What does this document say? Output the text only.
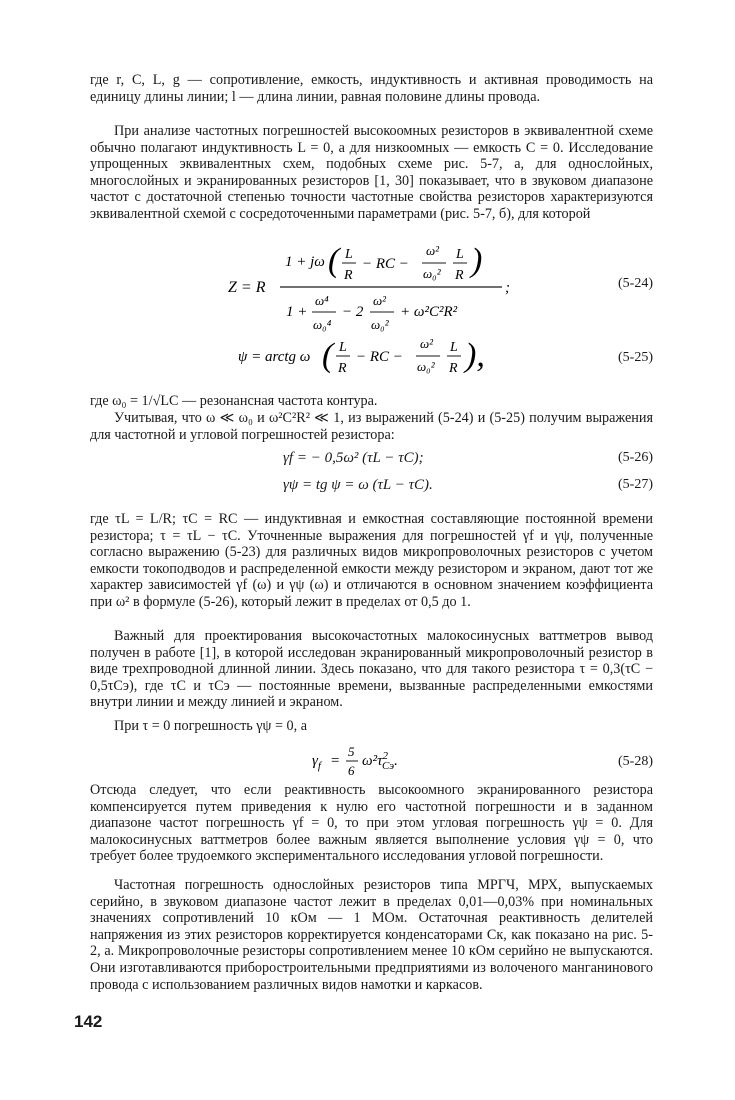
где r, C, L, g — сопротивление, емкость, индуктивность и активная проводимость на единицу длины линии; l — длина линии, равная половине длины провода.

При анализе частотных погрешностей высокоомных резисторов в эквивалентной схеме обычно полагают индуктивность L = 0, а для низкоомных — емкость C = 0. Исследование упрощенных эквивалентных схем, подобных схеме рис. 5-7, а, для однослойных, многослойных и экранированных резисторов [1, 30] показывает, что в звуковом диапазоне частот с достаточной степенью точности частотные свойства резисторов характеризуются эквивалентной схемой с сосредоточенными параметрами (рис. 5-7, б), для которой

Z = R
1 + jω ( L
R
− RC −
ω²
ω₀²
L
R )
;
1 +
ω⁴
ω₀⁴
− 2
ω²
ω₀²
+ ω²C²R²
(5-24)
ψ = arctg ω ( L
R
− RC −
ω²
ω₀²
L
R ),	(5-25)

где ω₀ = 1/√LC — резонансная частота контура.

Учитывая, что ω ≪ ω₀ и ω²C²R² ≪ 1, из выражений (5-24) и (5-25) получим выражения для частотной и угловой погрешностей резистора:

γf = − 0,5ω² (τL − τC);	(5-26)
γψ = tg ψ = ω (τL − τC).	(5-27)

где τL = L/R; τC = RC — индуктивная и емкостная составляющие постоянной времени резистора; τ = τL − τC. Уточненные выражения для погрешностей γf и γψ, полученные согласно выражению (5-23) для различных видов микропроволочных резисторов с учетом емкости токоподводов и распределенной емкости между резистором и экраном, дают тот же характер зависимостей γf (ω) и γψ (ω) и отличаются в основном значением коэффициента при ω² в формуле (5-26), который лежит в пределах от 0,5 до 1.

Важный для проектирования высокочастотных малокосинусных ваттметров вывод получен в работе [1], в которой исследован экранированный микропроволочный резистор в виде трехпроводной длинной линии. Здесь показано, что для такого резистора τ = 0,3(τC − 0,5τCэ), где τC и τCэ — постоянные времени, вызванные распределенными емкостями внутри линии и между линией и экраном.

При τ = 0 погрешность γψ = 0, а

$\gamma_f$ =
5
6
$\omega^2\tau^2$ Cэ.	(5-28)

Отсюда следует, что если реактивность высокоомного экранированного резистора компенсируется путем приведения к нулю его частотной погрешности и в заданном диапазоне частот погрешность γf = 0, то при этом угловая погрешность γψ = 0. Для малокосинусных ваттметров более важным является выполнение условия γψ = 0, что требует более трудоемкого экспериментального исследования угловой погрешности.

Частотная погрешность однослойных резисторов типа МРГЧ, МРХ, выпускаемых серийно, в звуковом диапазоне частот лежит в пределах 0,01—0,03% при номинальных значениях сопротивлений 10 кОм — 1 МОм. Остаточная реактивность делителей напряжения из этих резисторов корректируется конденсаторами Cк, как показано на рис. 5-2, а. Микропроволочные резисторы сопротивлением менее 10 кОм серийно не выпускаются. Они изготавливаются приборостроительными предприятиями из волоченого манганинового провода с использованием различных видов намотки и каркасов.

142
